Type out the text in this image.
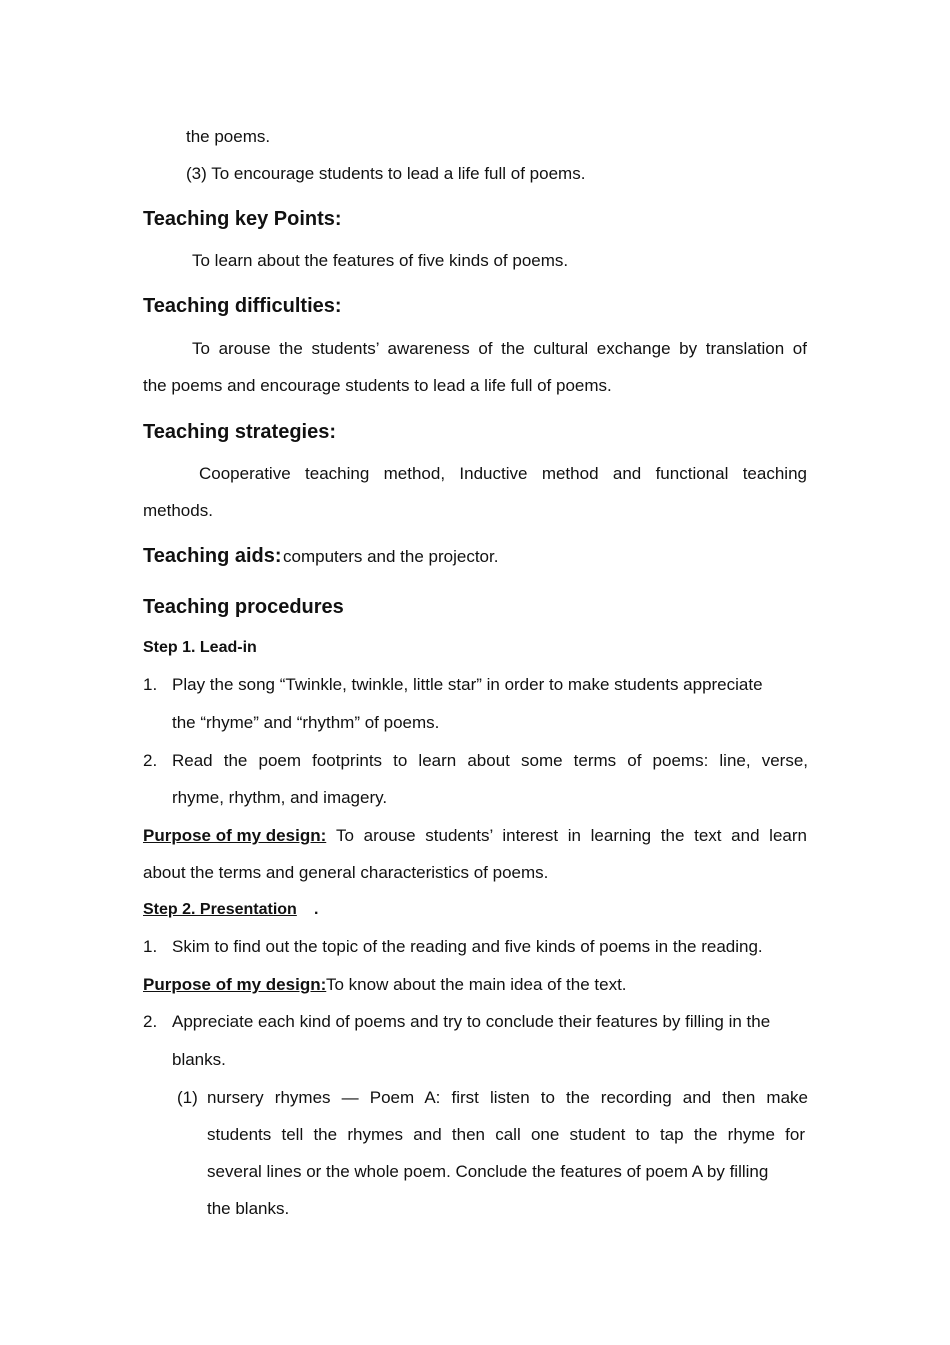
the poems.
(3) To encourage students to lead a life full of poems.
Teaching key Points:
To learn about the features of five kinds of poems.
Teaching difficulties:
To arouse the students’ awareness of the cultural exchange by translation of
the poems and encourage students to lead a life full of poems.
Teaching strategies:
Cooperative teaching method, Inductive method and functional teaching
methods.
Teaching aids: computers and the projector.
Teaching procedures
Step 1. Lead-in
1. Play the song “Twinkle, twinkle, little star” in order to make students appreciate
the “rhyme” and “rhythm” of poems.
2. Read the poem footprints to learn about some terms of poems: line, verse,
rhyme, rhythm, and imagery.
Purpose of my design: To arouse students’ interest in learning the text and learn
about the terms and general characteristics of poems.
Step 2. Presentation .
1. Skim to find out the topic of the reading and five kinds of poems in the reading.
Purpose of my design: To know about the main idea of the text.
2. Appreciate each kind of poems and try to conclude their features by filling in the
blanks.
(1) nursery rhymes — Poem A: first listen to the recording and then make
students tell the rhymes and then call one student to tap the rhyme for
several lines or the whole poem. Conclude the features of poem A by filling
the blanks.
